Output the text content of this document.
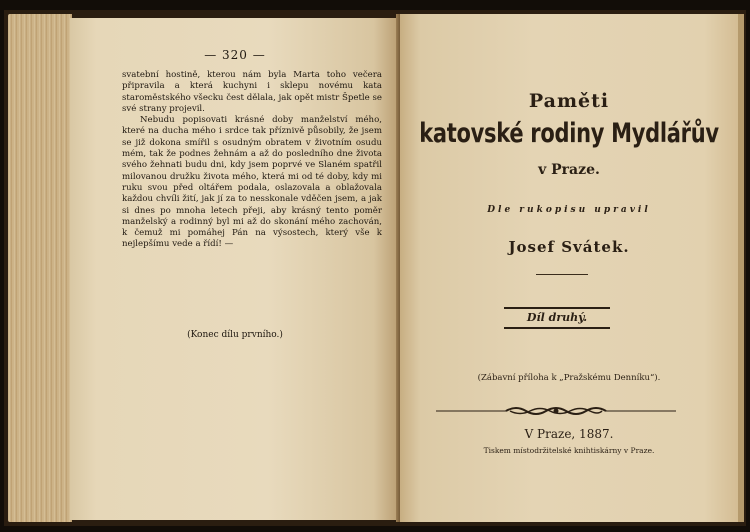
— 320 —

svatební hostině, kterou nám byla Marta toho večera připravila a která kuchyni i sklepu novému kata staroměstského všecku čest dělala, jak opět mistr Špetle se své strany projevil.

Nebudu popisovati krásné doby manželství mého, které na ducha mého i srdce tak příznivě působily, že jsem se již dokona smířil s osudným obratem v životním osudu mém, tak že podnes žehnám a až do posledního dne života svého žehnati budu dni, kdy jsem poprvé ve Slaném spatřil milovanou družku života mého, která mi od té doby, kdy mi ruku svou před oltářem podala, oslazovala a oblažovala každou chvíli žití, jak jí za to nesskonale vděčen jsem, a jak si dnes po mnoha letech přeji, aby krásný tento poměr manželský a rodinný byl mi až do skonání mého zachován, k čemuž mi pomáhej Pán na výsostech, který vše k nejlepšímu vede a řídí! —

(Konec dílu prvního.)
Paměti
katovské rodiny Mydlářův
v Praze.
Dle rukopisu upravil
Josef Svátek.
Díl druhý.
(Zábavní příloha k „Pražskému Denníku“).
V Praze, 1887.
Tiskem místodržitelské knihtiskárny v Praze.
